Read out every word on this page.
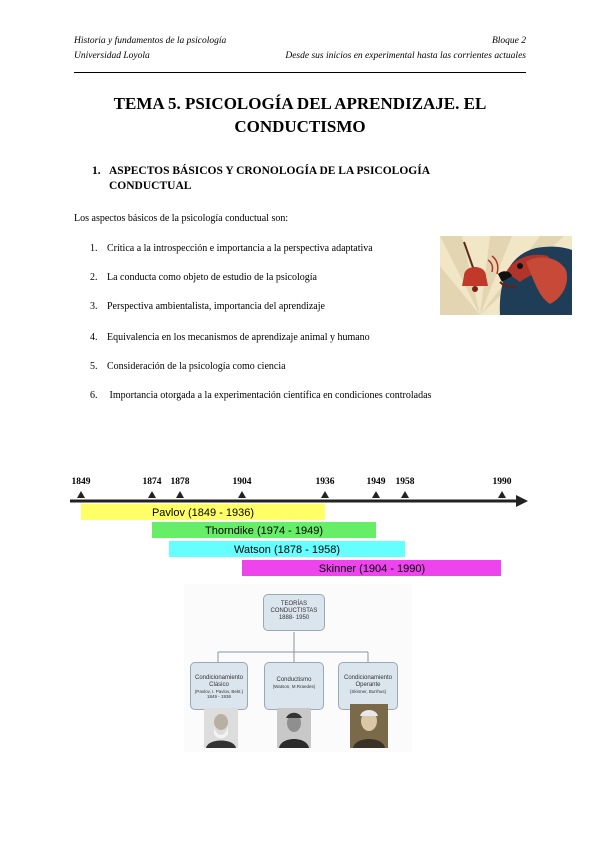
Historia y fundamentos de la psicología
Universidad Loyola
Bloque 2
Desde sus inicios en experimental hasta las corrientes actuales
TEMA 5. PSICOLOGÍA DEL APRENDIZAJE. EL
CONDUCTISMO
1. ASPECTOS BÁSICOS Y CRONOLOGÍA DE LA PSICOLOGÍA
CONDUCTUAL
Los aspectos básicos de la psicología conductual son:
1. Crítica a la introspección e importancia a la perspectiva adaptativa
2. La conducta como objeto de estudio de la psicología
3. Perspectiva ambientalista, importancia del aprendizaje
4. Equivalencia en los mecanismos de aprendizaje animal y humano
5. Consideración de la psicología como ciencia
6. Importancia otorgada a la experimentación científica en condiciones controladas
1849	1874 1878	1904	1936	1949 1958	1990
Pavlov (1849 - 1936)
Thorndike (1974 - 1949)
Watson (1878 - 1958)
Skinner (1904 - 1990)
TEORÍAS
CONDUCTISTAS
1888- 1950
Condicionamiento
Clásico
(Pavlov, I. Pavlov, Bekt.) 1849 - 1936
Conductismo
(Watson, M.Rraedes)
Condicionamiento
Operante
(Skinner, Burrhus)
